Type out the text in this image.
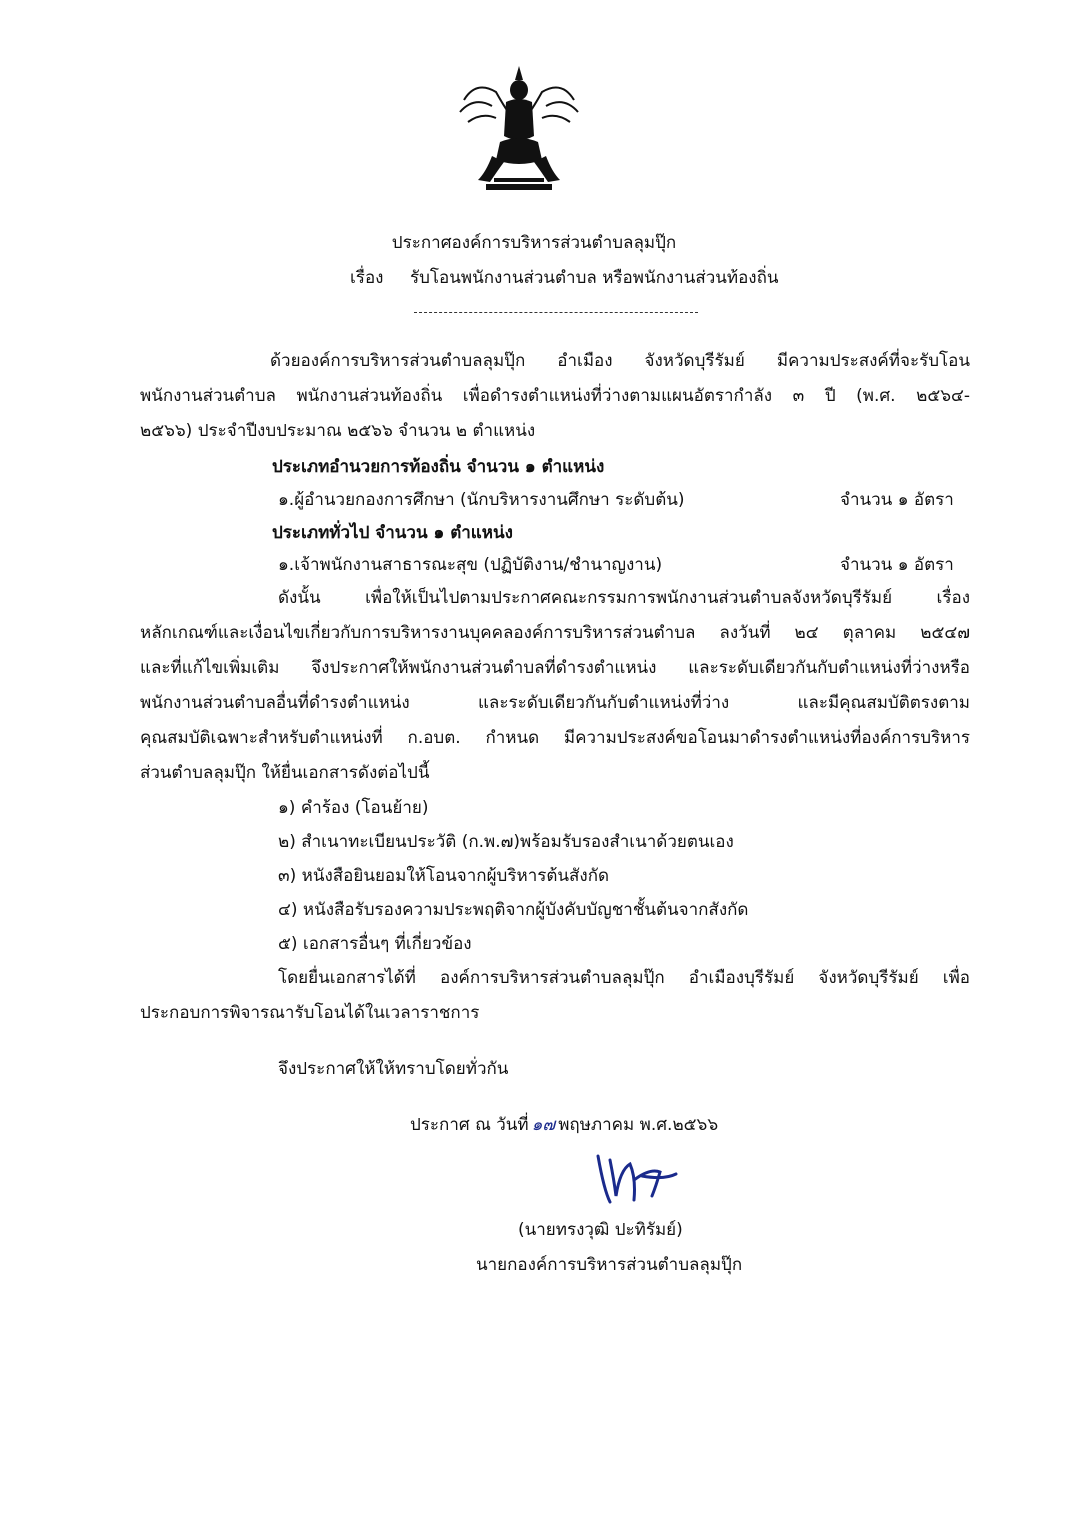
ประกาศองค์การบริหารส่วนตำบลลุมปุ๊ก
เรื่อง รับโอนพนักงานส่วนตำบล หรือพนักงานส่วนท้องถิ่น
ด้วยองค์การบริหารส่วนตำบลลุมปุ๊ก อำเมือง จังหวัดบุรีรัมย์ มีความประสงค์ที่จะรับโอน
พนักงานส่วนตำบล พนักงานส่วนท้องถิ่น เพื่อดำรงตำแหน่งที่ว่างตามแผนอัตรากำลัง ๓ ปี (พ.ศ. ๒๕๖๔-
๒๕๖๖) ประจำปีงบประมาณ ๒๕๖๖ จำนวน ๒ ตำแหน่ง
ประเภทอำนวยการท้องถิ่น จำนวน ๑ ตำแหน่ง
๑.ผู้อำนวยกองการศึกษา (นักบริหารงานศึกษา ระดับต้น)	จำนวน ๑ อัตรา
ประเภททั่วไป จำนวน ๑ ตำแหน่ง
๑.เจ้าพนักงานสาธารณะสุข (ปฏิบัติงาน/ชำนาญงาน)	จำนวน ๑ อัตรา
ดังนั้น เพื่อให้เป็นไปตามประกาศคณะกรรมการพนักงานส่วนตำบลจังหวัดบุรีรัมย์ เรื่อง
หลักเกณฑ์และเงื่อนไขเกี่ยวกับการบริหารงานบุคคลองค์การบริหารส่วนตำบล ลงวันที่ ๒๔ ตุลาคม ๒๕๔๗
และที่แก้ไขเพิ่มเติม จึงประกาศให้พนักงานส่วนตำบลที่ดำรงตำแหน่ง และระดับเดียวกันกับตำแหน่งที่ว่างหรือ
พนักงานส่วนตำบลอื่นที่ดำรงตำแหน่ง และระดับเดียวกันกับตำแหน่งที่ว่าง และมีคุณสมบัติตรงตาม
คุณสมบัติเฉพาะสำหรับตำแหน่งที่ ก.อบต. กำหนด มีความประสงค์ขอโอนมาดำรงตำแหน่งที่องค์การบริหาร
ส่วนตำบลลุมปุ๊ก ให้ยื่นเอกสารดังต่อไปนี้
๑) คำร้อง (โอนย้าย)
๒) สำเนาทะเบียนประวัติ (ก.พ.๗)พร้อมรับรองสำเนาด้วยตนเอง
๓) หนังสือยินยอมให้โอนจากผู้บริหารต้นสังกัด
๔) หนังสือรับรองความประพฤติจากผู้บังคับบัญชาชั้นต้นจากสังกัด
๕) เอกสารอื่นๆ ที่เกี่ยวข้อง
โดยยื่นเอกสารได้ที่ องค์การบริหารส่วนตำบลลุมปุ๊ก อำเมืองบุรีรัมย์ จังหวัดบุรีรัมย์ เพื่อ
ประกอบการพิจารณารับโอนได้ในเวลาราชการ
จึงประกาศให้ให้ทราบโดยทั่วกัน
ประกาศ ณ วันที่ ๑๗ พฤษภาคม พ.ศ.๒๕๖๖
(นายทรงวุฒิ ปะทิรัมย์)
นายกองค์การบริหารส่วนตำบลลุมปุ๊ก
